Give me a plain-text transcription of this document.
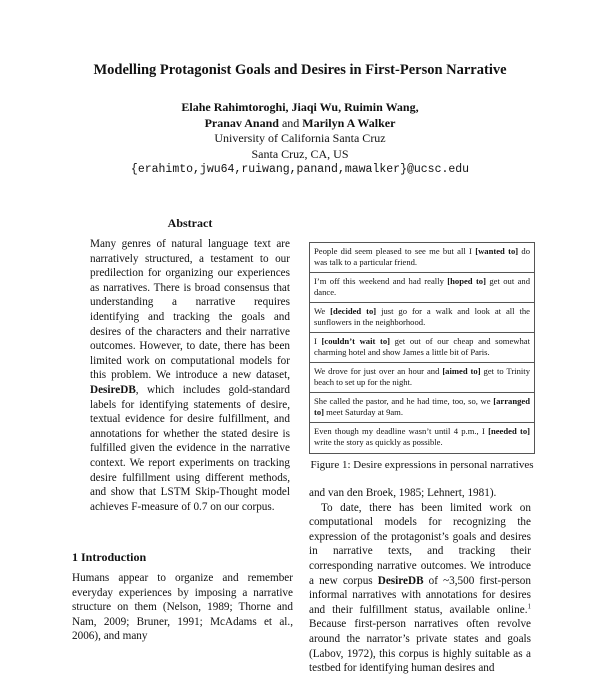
Modelling Protagonist Goals and Desires in First-Person Narrative
Elahe Rahimtoroghi, Jiaqi Wu, Ruimin Wang,
Pranav Anand and Marilyn A Walker
University of California Santa Cruz
Santa Cruz, CA, US
{erahimto,jwu64,ruiwang,panand,mawalker}@ucsc.edu
Abstract
Many genres of natural language text are narratively structured, a testament to our predilection for organizing our experiences as narratives. There is broad consensus that understanding a narrative requires identifying and tracking the goals and desires of the characters and their narrative outcomes. However, to date, there has been limited work on computational models for this problem. We introduce a new dataset, DesireDB, which includes gold-standard labels for identifying statements of desire, textual evidence for desire fulfillment, and annotations for whether the stated desire is fulfilled given the evidence in the narrative context. We report experiments on tracking desire fulfillment using different methods, and show that LSTM Skip-Thought model achieves F-measure of 0.7 on our corpus.
1 Introduction
Humans appear to organize and remember everyday experiences by imposing a narrative structure on them (Nelson, 1989; Thorne and Nam, 2009; Bruner, 1991; McAdams et al., 2006), and many
People did seem pleased to see me but all I [wanted to] do was talk to a particular friend.
I’m off this weekend and had really [hoped to] get out and dance.
We [decided to] just go for a walk and look at all the sunflowers in the neighborhood.
I [couldn’t wait to] get out of our cheap and somewhat charming hotel and show James a little bit of Paris.
We drove for just over an hour and [aimed to] get to Trinity beach to set up for the night.
She called the pastor, and he had time, too, so, we [arranged to] meet Saturday at 9am.
Even though my deadline wasn’t until 4 p.m., I [needed to] write the story as quickly as possible.
Figure 1: Desire expressions in personal narratives

and van den Broek, 1985; Lehnert, 1981).

To date, there has been limited work on computational models for recognizing the expression of the protagonist’s goals and desires in narrative texts, and tracking their corresponding narrative outcomes. We introduce a new corpus DesireDB of ~3,500 first-person informal narratives with annotations for desires and their fulfillment status, available online.$^1$ Because first-person narratives often revolve around the narrator’s private states and goals (Labov, 1972), this corpus is highly suitable as a testbed for identifying human desires and
